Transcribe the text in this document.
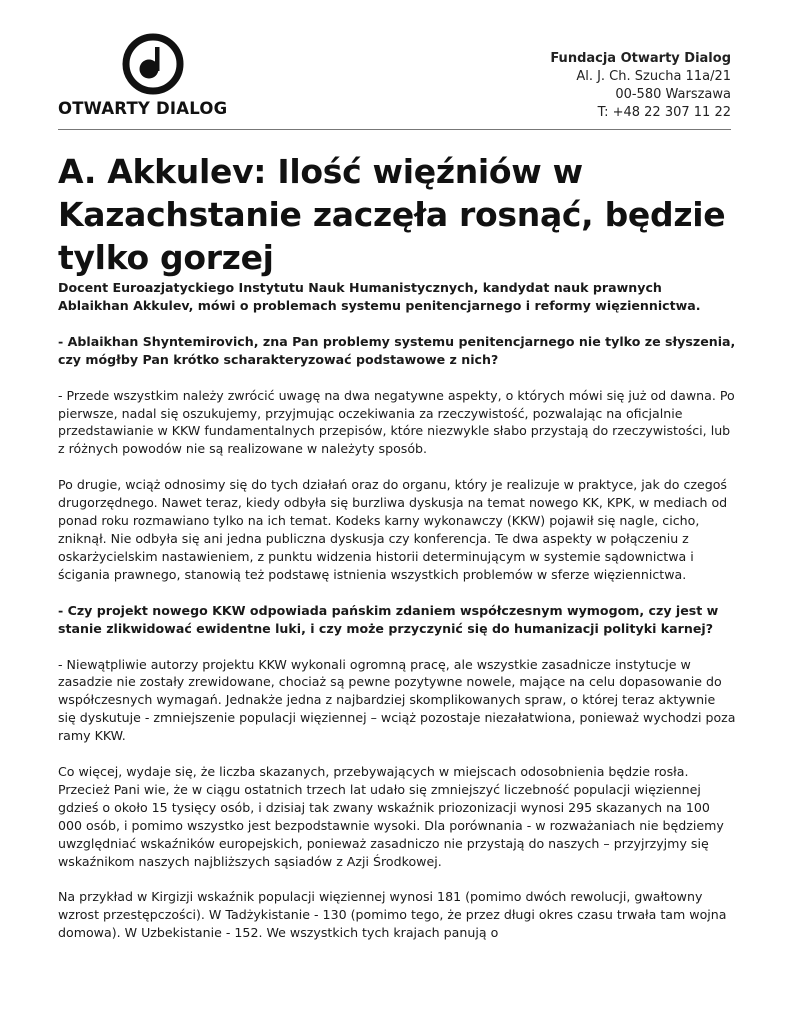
OTWARTY DIALOG
Fundacja Otwarty Dialog
Al. J. Ch. Szucha 11a/21
00-580 Warszawa
T: +48 22 307 11 22
A. Akkulev: Ilość więźniów w Kazachstanie zaczęła rosnąć, będzie tylko gorzej

Docent Euroazjatyckiego Instytutu Nauk Humanistycznych, kandydat nauk prawnych Ablaikhan Akkulev, mówi o problemach systemu penitencjarnego i reformy więziennictwa.

- Ablaikhan Shyntemirovich, zna Pan problemy systemu penitencjarnego nie tylko ze słyszenia, czy mógłby Pan krótko scharakteryzować podstawowe z nich?

- Przede wszystkim należy zwrócić uwagę na dwa negatywne aspekty, o których mówi się już od dawna. Po pierwsze, nadal się oszukujemy, przyjmując oczekiwania za rzeczywistość, pozwalając na oficjalnie przedstawianie w KKW fundamentalnych przepisów, które niezwykle słabo przystają do rzeczywistości, lub z różnych powodów nie są realizowane w należyty sposób.

Po drugie, wciąż odnosimy się do tych działań oraz do organu, który je realizuje w praktyce, jak do czegoś drugorzędnego. Nawet teraz, kiedy odbyła się burzliwa dyskusja na temat nowego KK, KPK, w mediach od ponad roku rozmawiano tylko na ich temat. Kodeks karny wykonawczy (KKW) pojawił się nagle, cicho, zniknął. Nie odbyła się ani jedna publiczna dyskusja czy konferencja. Te dwa aspekty w połączeniu z oskarżycielskim nastawieniem, z punktu widzenia historii determinującym w systemie sądownictwa i ścigania prawnego, stanowią też podstawę istnienia wszystkich problemów w sferze więziennictwa.

- Czy projekt nowego KKW odpowiada pańskim zdaniem współczesnym wymogom, czy jest w stanie zlikwidować ewidentne luki, i czy może przyczynić się do humanizacji polityki karnej?

- Niewątpliwie autorzy projektu KKW wykonali ogromną pracę, ale wszystkie zasadnicze instytucje w zasadzie nie zostały zrewidowane, chociaż są pewne pozytywne nowele, mające na celu dopasowanie do współczesnych wymagań. Jednakże jedna z najbardziej skomplikowanych spraw, o której teraz aktywnie się dyskutuje - zmniejszenie populacji więziennej – wciąż pozostaje niezałatwiona, ponieważ wychodzi poza ramy KKW.

Co więcej, wydaje się, że liczba skazanych, przebywających w miejscach odosobnienia będzie rosła. Przecież Pani wie, że w ciągu ostatnich trzech lat udało się zmniejszyć liczebność populacji więziennej gdzieś o około 15 tysięcy osób, i dzisiaj tak zwany wskaźnik priozonizacji wynosi 295 skazanych na 100 000 osób, i pomimo wszystko jest bezpodstawnie wysoki. Dla porównania - w rozważaniach nie będziemy uwzględniać wskaźników europejskich, ponieważ zasadniczo nie przystają do naszych – przyjrzyjmy się wskaźnikom naszych najbliższych sąsiadów z Azji Środkowej.

Na przykład w Kirgizji wskaźnik populacji więziennej wynosi 181 (pomimo dwóch rewolucji, gwałtowny wzrost przestępczości). W Tadżykistanie - 130 (pomimo tego, że przez długi okres czasu trwała tam wojna domowa). W Uzbekistanie - 152. We wszystkich tych krajach panują o
